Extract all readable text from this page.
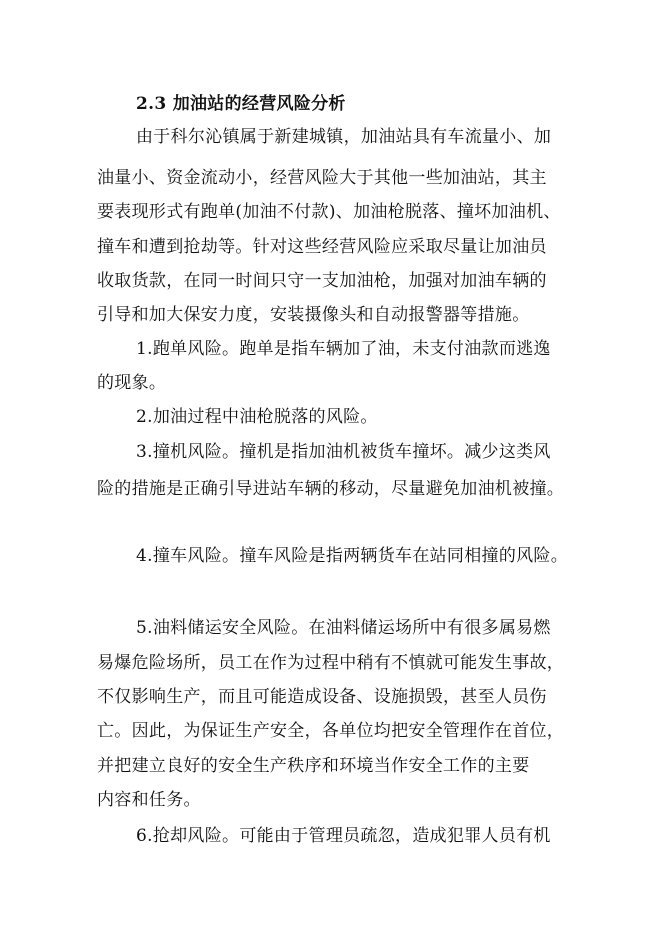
2.3 加油站的经营风险分析
由于科尔沁镇属于新建城镇，加油站具有车流量小、加
油量小、资金流动小，经营风险大于其他一些加油站，其主
要表现形式有跑单(加油不付款)、加油枪脱落、撞坏加油机、
撞车和遭到抢劫等。针对这些经营风险应采取尽量让加油员
收取货款，在同一时间只守一支加油枪，加强对加油车辆的
引导和加大保安力度，安装摄像头和自动报警器等措施。
1.跑单风险。跑单是指车辆加了油，未支付油款而逃逸
的现象。
2.加油过程中油枪脱落的风险。
3.撞机风险。撞机是指加油机被货车撞坏。减少这类风
险的措施是正确引导进站车辆的移动，尽量避免加油机被撞。
4.撞车风险。撞车风险是指两辆货车在站同相撞的风险。
5.油料储运安全风险。在油料储运场所中有很多属易燃
易爆危险场所，员工在作为过程中稍有不慎就可能发生事故，
不仅影响生产，而且可能造成设备、设施损毁，甚至人员伤
亡。因此，为保证生产安全，各单位均把安全管理作在首位，
并把建立良好的安全生产秩序和环境当作安全工作的主要
内容和任务。
6.抢却风险。可能由于管理员疏忽，造成犯罪人员有机
